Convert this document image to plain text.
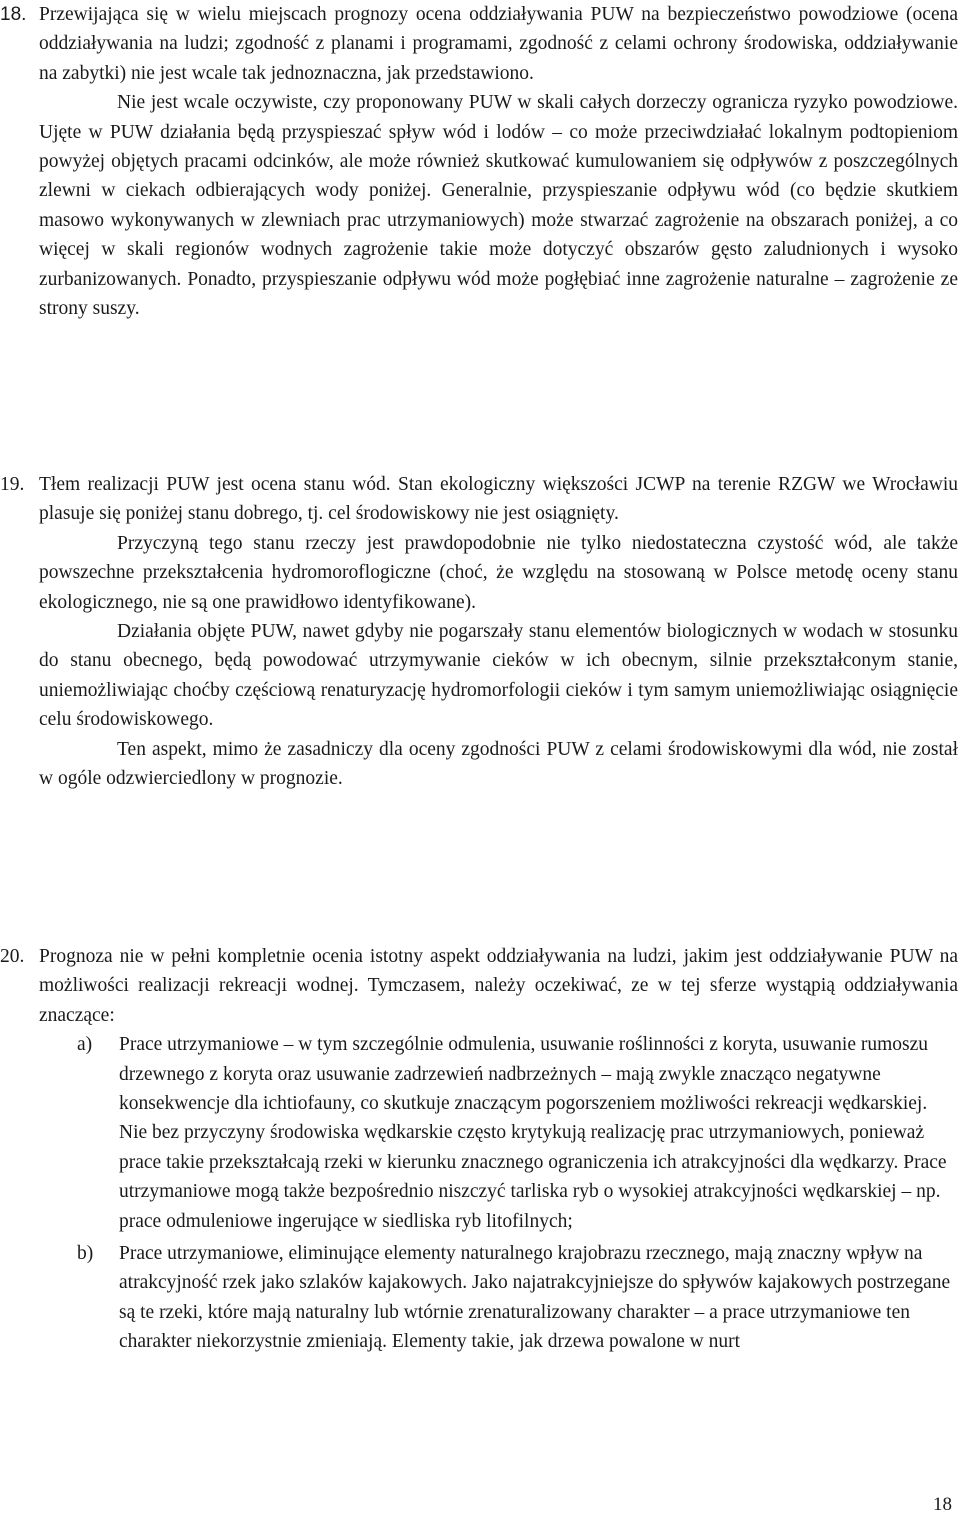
18. Przewijająca się w wielu miejscach prognozy ocena oddziaływania PUW na bezpieczeństwo powodziowe (ocena oddziaływania na ludzi; zgodność z planami i programami, zgodność z celami ochrony środowiska, oddziaływanie na zabytki) nie jest wcale tak jednoznaczna, jak przedstawiono.

Nie jest wcale oczywiste, czy proponowany PUW w skali całych dorzeczy ogranicza ryzyko powodziowe. Ujęte w PUW działania będą przyspieszać spływ wód i lodów – co może przeciwdziałać lokalnym podtopieniom powyżej objętych pracami odcinków, ale może również skutkować kumulowaniem się odpływów z poszczególnych zlewni w ciekach odbierających wody poniżej. Generalnie, przyspieszanie odpływu wód (co będzie skutkiem masowo wykonywanych w zlewniach prac utrzymaniowych) może stwarzać zagrożenie na obszarach poniżej, a co więcej w skali regionów wodnych zagrożenie takie może dotyczyć obszarów gęsto zaludnionych i wysoko zurbanizowanych. Ponadto, przyspieszanie odpływu wód może pogłębiać inne zagrożenie naturalne – zagrożenie ze strony suszy.

19. Tłem realizacji PUW jest ocena stanu wód. Stan ekologiczny większości JCWP na terenie RZGW we Wrocławiu plasuje się poniżej stanu dobrego, tj. cel środowiskowy nie jest osiągnięty.

Przyczyną tego stanu rzeczy jest prawdopodobnie nie tylko niedostateczna czystość wód, ale także powszechne przekształcenia hydromoroflogiczne (choć, że względu na stosowaną w Polsce metodę oceny stanu ekologicznego, nie są one prawidłowo identyfikowane).

Działania objęte PUW, nawet gdyby nie pogarszały stanu elementów biologicznych w wodach w stosunku do stanu obecnego, będą powodować utrzymywanie cieków w ich obecnym, silnie przekształconym stanie, uniemożliwiając choćby częściową renaturyzację hydromorfologii cieków i tym samym uniemożliwiając osiągnięcie celu środowiskowego.

Ten aspekt, mimo że zasadniczy dla oceny zgodności PUW z celami środowiskowymi dla wód, nie został w ogóle odzwierciedlony w prognozie.

20. Prognoza nie w pełni kompletnie ocenia istotny aspekt oddziaływania na ludzi, jakim jest oddziaływanie PUW na możliwości realizacji rekreacji wodnej. Tymczasem, należy oczekiwać, ze w tej sferze wystąpią oddziaływania znaczące:

a) Prace utrzymaniowe – w tym szczególnie odmulenia, usuwanie roślinności z koryta, usuwanie rumoszu drzewnego z koryta oraz usuwanie zadrzewień nadbrzeżnych – mają zwykle znacząco negatywne konsekwencje dla ichtiofauny, co skutkuje znaczącym pogorszeniem możliwości rekreacji wędkarskiej. Nie bez przyczyny środowiska wędkarskie często krytykują realizację prac utrzymaniowych, ponieważ prace takie przekształcają rzeki w kierunku znacznego ograniczenia ich atrakcyjności dla wędkarzy. Prace utrzymaniowe mogą także bezpośrednio niszczyć tarliska ryb o wysokiej atrakcyjności wędkarskiej – np. prace odmuleniowe ingerujące w siedliska ryb litofilnych;
b) Prace utrzymaniowe, eliminujące elementy naturalnego krajobrazu rzecznego, mają znaczny wpływ na atrakcyjność rzek jako szlaków kajakowych. Jako najatrakcyjniejsze do spływów kajakowych postrzegane są te rzeki, które mają naturalny lub wtórnie zrenaturalizowany charakter – a prace utrzymaniowe ten charakter niekorzystnie zmieniają. Elementy takie, jak drzewa powalone w nurt
18
